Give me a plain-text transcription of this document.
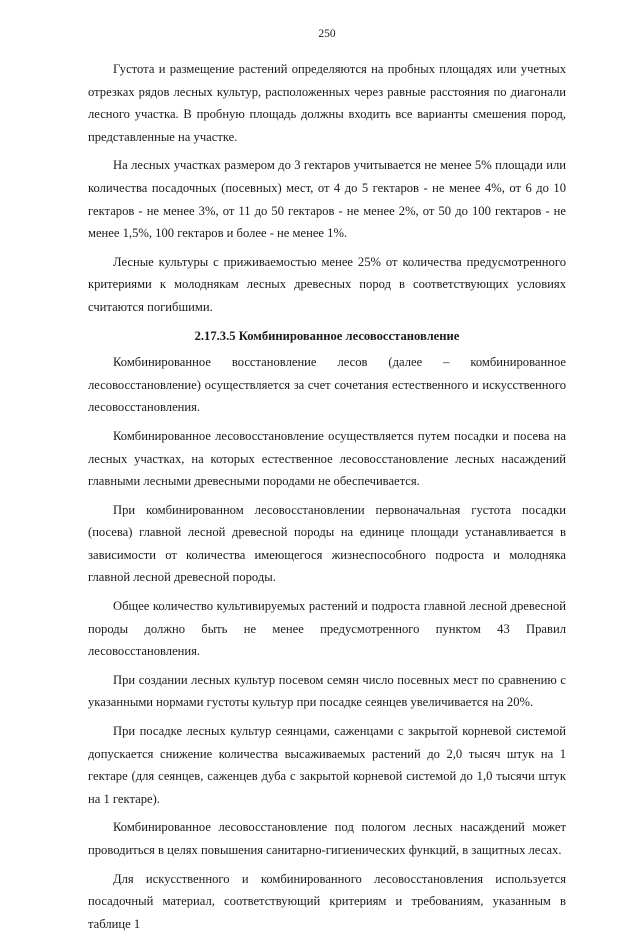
250

Густота и размещение растений определяются на пробных площадях или учетных отрезках рядов лесных культур, расположенных через равные расстояния по диагонали лесного участка. В пробную площадь должны входить все варианты смешения пород, представленные на участке.

На лесных участках размером до 3 гектаров учитывается не менее 5% площади или количества посадочных (посевных) мест, от 4 до 5 гектаров - не менее 4%, от 6 до 10 гектаров - не менее 3%, от 11 до 50 гектаров - не менее 2%, от 50 до 100 гектаров - не менее 1,5%, 100 гектаров и более - не менее 1%.

Лесные культуры с приживаемостью менее 25% от количества предусмотренного критериями к молоднякам лесных древесных пород в соответствующих условиях считаются погибшими.

2.17.3.5 Комбинированное лесовосстановление

Комбинированное восстановление лесов (далее – комбинированное лесовосстановление) осуществляется за счет сочетания естественного и искусственного лесовосстановления.

Комбинированное лесовосстановление осуществляется путем посадки и посева на лесных участках, на которых естественное лесовосстановление лесных насаждений главными лесными древесными породами не обеспечивается.

При комбинированном лесовосстановлении первоначальная густота посадки (посева) главной лесной древесной породы на единице площади устанавливается в зависимости от количества имеющегося жизнеспособного подроста и молодняка главной лесной древесной породы.

Общее количество культивируемых растений и подроста главной лесной древесной породы должно быть не менее предусмотренного пунктом 43 Правил лесовосстановления.

При создании лесных культур посевом семян число посевных мест по сравнению с указанными нормами густоты культур при посадке сеянцев увеличивается на 20%.

При посадке лесных культур сеянцами, саженцами с закрытой корневой системой допускается снижение количества высаживаемых растений до 2,0 тысяч штук на 1 гектаре (для сеянцев, саженцев дуба с закрытой корневой системой до 1,0 тысячи штук на 1 гектаре).

Комбинированное лесовосстановление под пологом лесных насаждений может проводиться в целях повышения санитарно-гигиенических функций, в защитных лесах.

Для искусственного и комбинированного лесовосстановления используется посадочный материал, соответствующий критериям и требованиям, указанным в таблице 1
